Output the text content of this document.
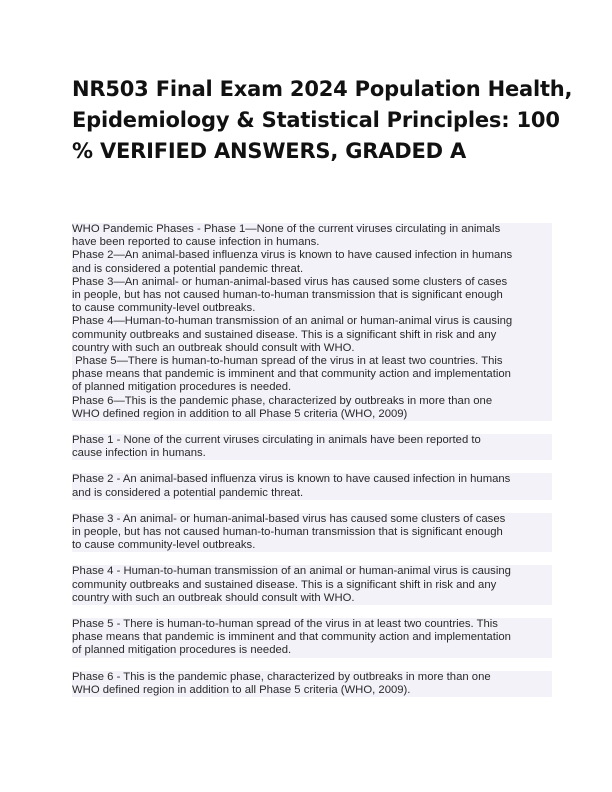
NR503 Final Exam 2024 Population Health,
Epidemiology & Statistical Principles: 100
% VERIFIED ANSWERS, GRADED A
WHO Pandemic Phases - Phase 1—None of the current viruses circulating in animals
have been reported to cause infection in humans.
Phase 2—An animal-based influenza virus is known to have caused infection in humans
and is considered a potential pandemic threat.
Phase 3—An animal- or human-animal-based virus has caused some clusters of cases
in people, but has not caused human-to-human transmission that is significant enough
to cause community-level outbreaks.
Phase 4—Human-to-human transmission of an animal or human-animal virus is causing
community outbreaks and sustained disease. This is a significant shift in risk and any
country with such an outbreak should consult with WHO.
Phase 5—There is human-to-human spread of the virus in at least two countries. This
phase means that pandemic is imminent and that community action and implementation
of planned mitigation procedures is needed.
Phase 6—This is the pandemic phase, characterized by outbreaks in more than one
WHO defined region in addition to all Phase 5 criteria (WHO, 2009)
Phase 1 - None of the current viruses circulating in animals have been reported to
cause infection in humans.
Phase 2 - An animal-based influenza virus is known to have caused infection in humans
and is considered a potential pandemic threat.
Phase 3 - An animal- or human-animal-based virus has caused some clusters of cases
in people, but has not caused human-to-human transmission that is significant enough
to cause community-level outbreaks.
Phase 4 - Human-to-human transmission of an animal or human-animal virus is causing
community outbreaks and sustained disease. This is a significant shift in risk and any
country with such an outbreak should consult with WHO.
Phase 5 - There is human-to-human spread of the virus in at least two countries. This
phase means that pandemic is imminent and that community action and implementation
of planned mitigation procedures is needed.
Phase 6 - This is the pandemic phase, characterized by outbreaks in more than one
WHO defined region in addition to all Phase 5 criteria (WHO, 2009).
